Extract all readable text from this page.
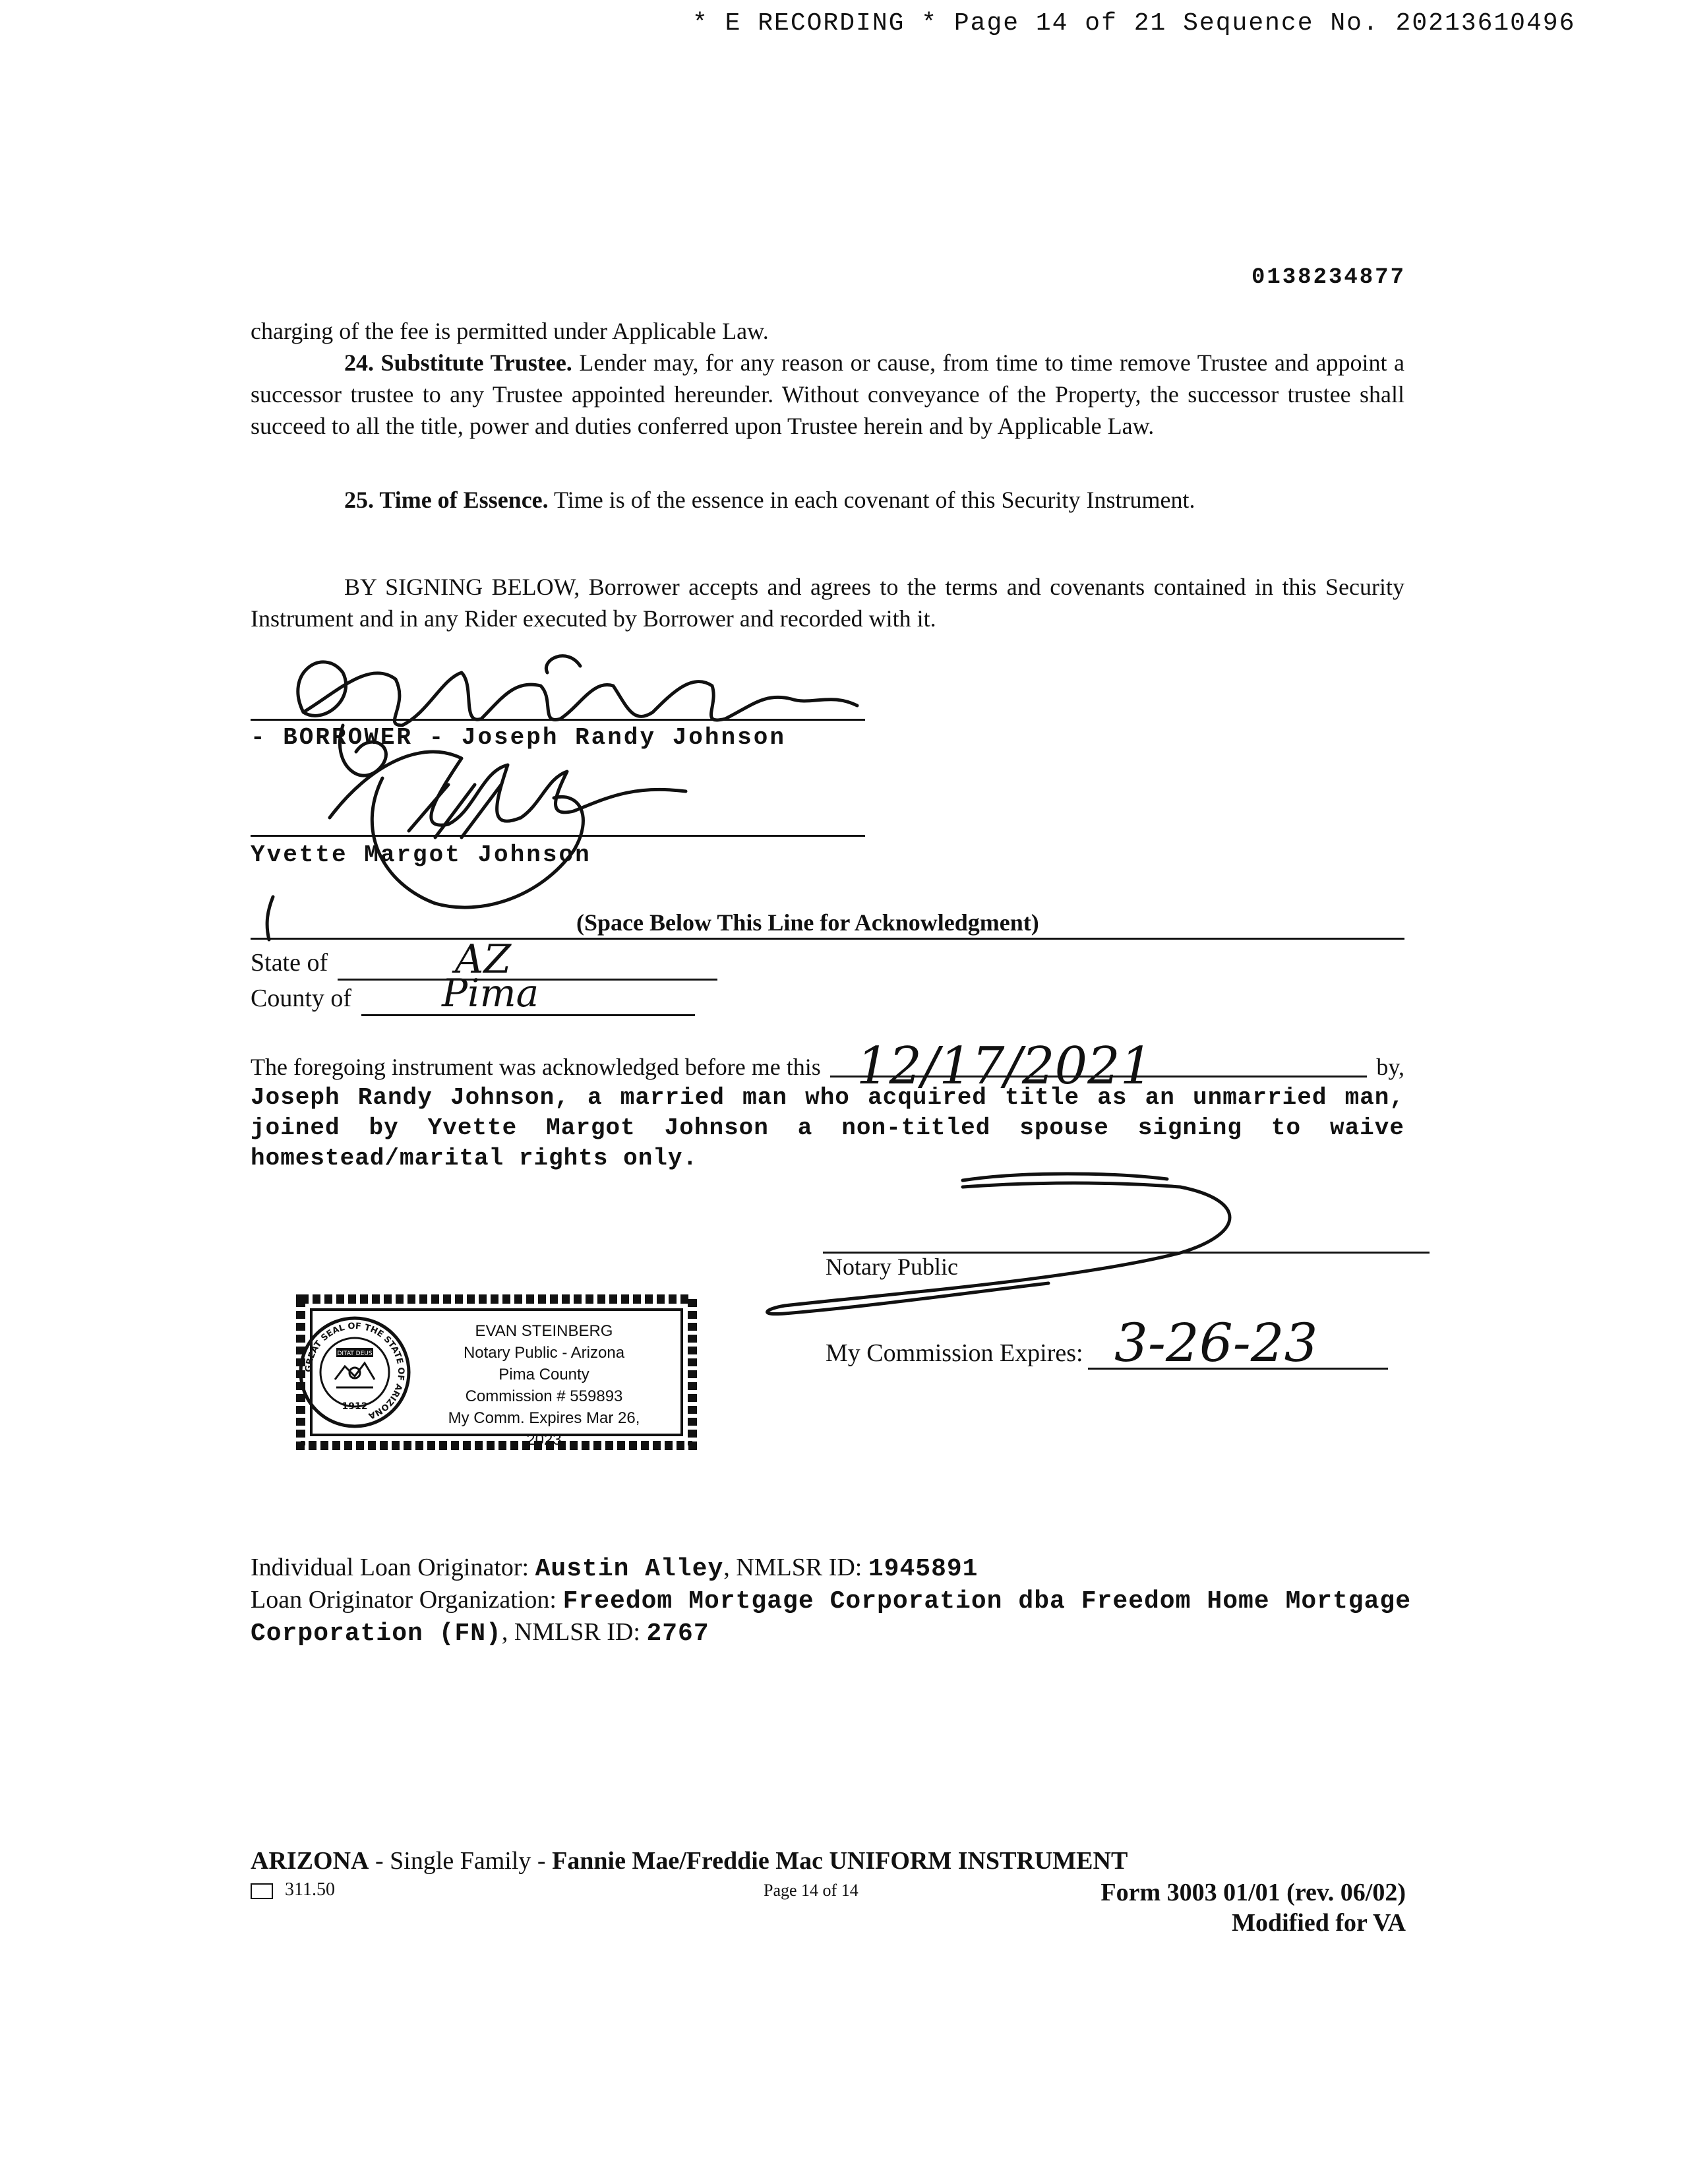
* E RECORDING * Page 14 of 21 Sequence No. 20213610496
0138234877
charging of the fee is permitted under Applicable Law.
24. Substitute Trustee. Lender may, for any reason or cause, from time to time remove Trustee and appoint a successor trustee to any Trustee appointed hereunder. Without conveyance of the Property, the successor trustee shall succeed to all the title, power and duties conferred upon Trustee herein and by Applicable Law.
25. Time of Essence. Time is of the essence in each covenant of this Security Instrument.
BY SIGNING BELOW, Borrower accepts and agrees to the terms and covenants contained in this Security Instrument and in any Rider executed by Borrower and recorded with it.
- BORROWER - Joseph Randy Johnson
Yvette Margot Johnson
(Space Below This Line for Acknowledgment)
State of	AZ
County of Pima
The foregoing instrument was acknowledged before me this 12/17/2021	by,
Joseph Randy Johnson, a married man who acquired title as an unmarried man, joined by Yvette Margot Johnson a non-titled spouse signing to waive homestead/marital rights only.
Notary Public
My Commission Expires: 3-26-23
GREAT SEAL OF THE STATE OF ARIZONA
DITAT DEUS
1912
EVAN STEINBERG
Notary Public - Arizona
Pima County
Commission # 559893
My Comm. Expires Mar 26, 2023
Individual Loan Originator: Austin Alley, NMLSR ID: 1945891
Loan Originator Organization: Freedom Mortgage Corporation dba Freedom Home Mortgage Corporation (FN), NMLSR ID: 2767
ARIZONA - Single Family - Fannie Mae/Freddie Mac UNIFORM INSTRUMENT
311.50	Page 14 of 14	Form 3003 01/01 (rev. 06/02)
Modified for VA
